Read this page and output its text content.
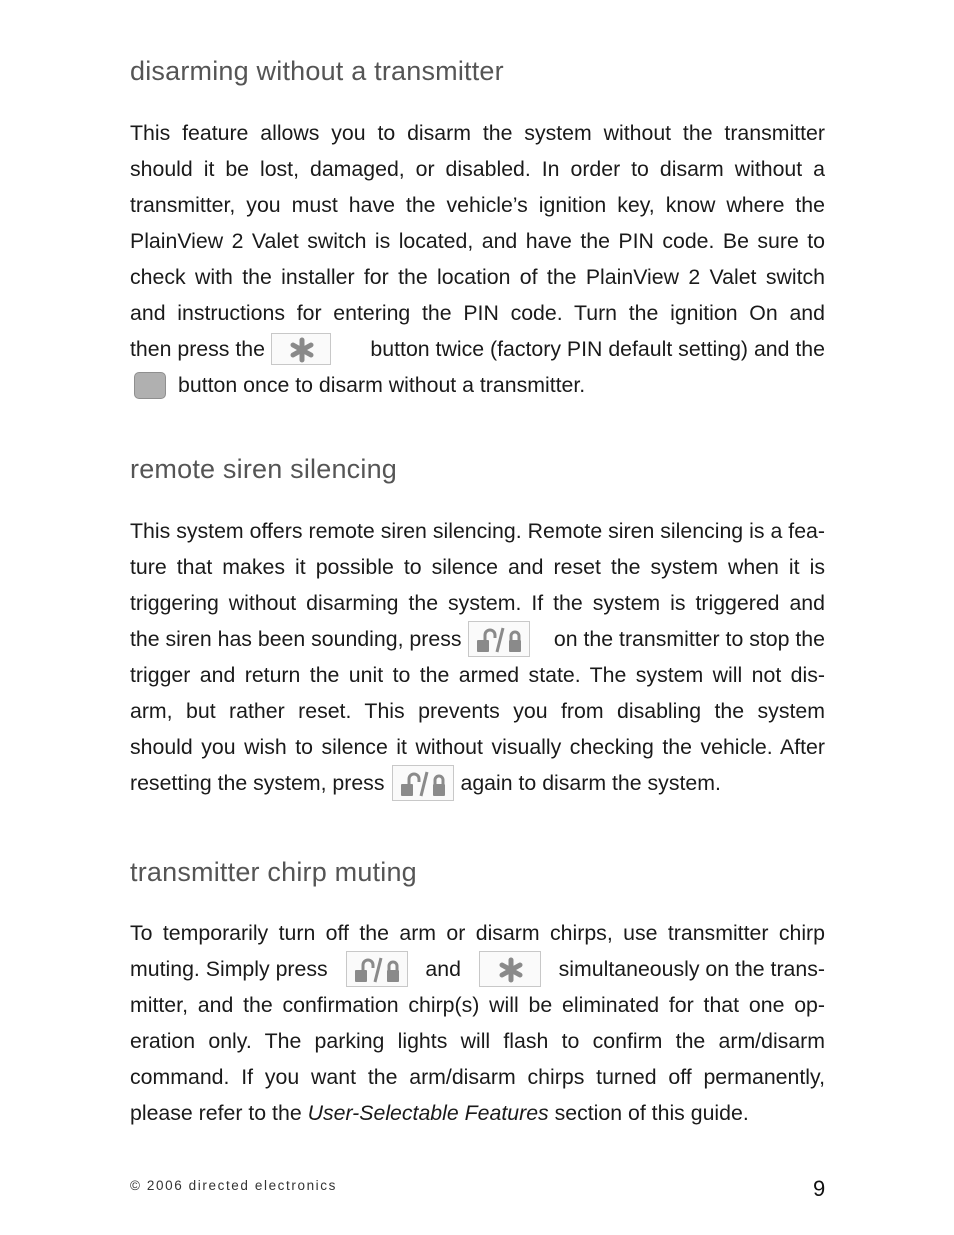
disarming without a transmitter
This feature allows you to disarm the system without the transmitter
should it be lost, damaged, or disabled. In order to disarm without a
transmitter, you must have the vehicle’s ignition key, know where the
PlainView 2 Valet switch is located, and have the PIN code. Be sure to
check with the installer for the location of the PlainView 2 Valet switch
and instructions for entering the PIN code. Turn the ignition On and
then press the	button twice (factory PIN default setting) and the
button once to disarm without a transmitter.
remote siren silencing
This system offers remote siren silencing. Remote siren silencing is a fea-
ture that makes it possible to silence and reset the system when it is
triggering without disarming the system. If the system is triggered and
the siren has been sounding, press	on the transmitter to stop the
trigger and return the unit to the armed state. The system will not dis-
arm, but rather reset. This prevents you from disabling the system
should you wish to silence it without visually checking the vehicle. After
resetting the system, press	again to disarm the system.
transmitter chirp muting
To temporarily turn off the arm or disarm chirps, use transmitter chirp
muting. Simply press	and	simultaneously on the trans-
mitter, and the confirmation chirp(s) will be eliminated for that one op-
eration only. The parking lights will flash to confirm the arm/disarm
command. If you want the arm/disarm chirps turned off permanently,
please refer to the User-Selectable Features section of this guide.
© 2006 directed electronics	9
